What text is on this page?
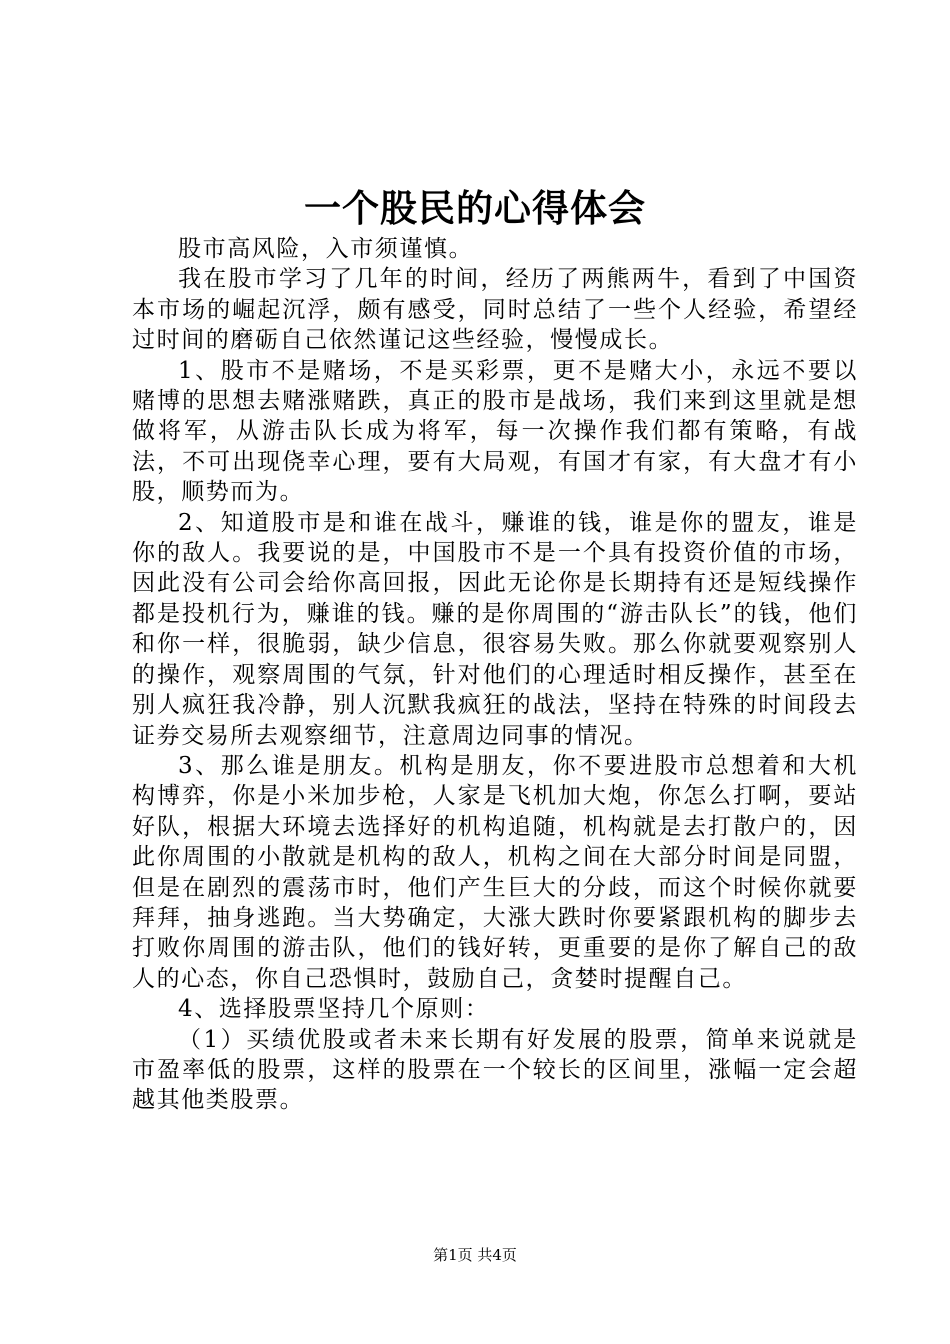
一个股民的心得体会

股市高风险，入市须谨慎。

我在股市学习了几年的时间，经历了两熊两牛，看到了中国资本市场的崛起沉浮，颇有感受，同时总结了一些个人经验，希望经过时间的磨砺自己依然谨记这些经验，慢慢成长。

1、股市不是赌场，不是买彩票，更不是赌大小，永远不要以赌博的思想去赌涨赌跌，真正的股市是战场，我们来到这里就是想做将军，从游击队长成为将军，每一次操作我们都有策略，有战法，不可出现侥幸心理，要有大局观，有国才有家，有大盘才有小股，顺势而为。

2、知道股市是和谁在战斗，赚谁的钱，谁是你的盟友，谁是你的敌人。我要说的是，中国股市不是一个具有投资价值的市场，因此没有公司会给你高回报，因此无论你是长期持有还是短线操作都是投机行为，赚谁的钱。赚的是你周围的“游击队长”的钱，他们和你一样，很脆弱，缺少信息，很容易失败。那么你就要观察别人的操作，观察周围的气氛，针对他们的心理适时相反操作，甚至在别人疯狂我冷静，别人沉默我疯狂的战法，坚持在特殊的时间段去证券交易所去观察细节，注意周边同事的情况。

3、那么谁是朋友。机构是朋友，你不要进股市总想着和大机构博弈，你是小米加步枪，人家是飞机加大炮，你怎么打啊，要站好队，根据大环境去选择好的机构追随，机构就是去打散户的，因此你周围的小散就是机构的敌人，机构之间在大部分时间是同盟，但是在剧烈的震荡市时，他们产生巨大的分歧，而这个时候你就要拜拜，抽身逃跑。当大势确定，大涨大跌时你要紧跟机构的脚步去打败你周围的游击队，他们的钱好转，更重要的是你了解自己的敌人的心态，你自己恐惧时，鼓励自己，贪婪时提醒自己。

4、选择股票坚持几个原则：

（1）买绩优股或者未来长期有好发展的股票，简单来说就是市盈率低的股票，这样的股票在一个较长的区间里，涨幅一定会超越其他类股票。

第1页 共4页
